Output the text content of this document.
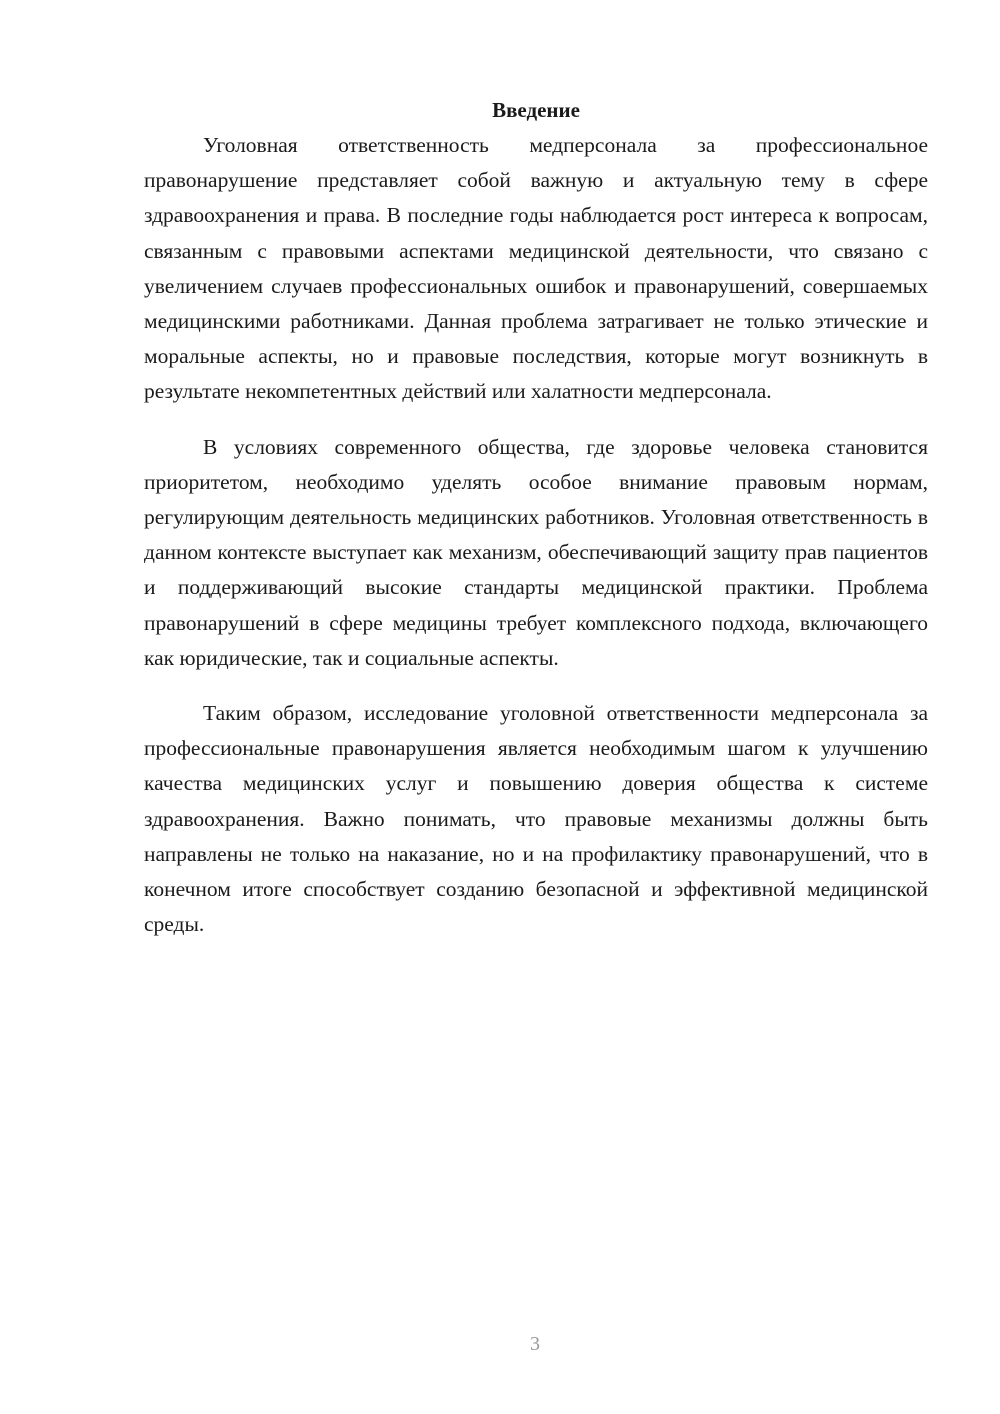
Введение

Уголовная ответственность медперсонала за профессиональное правонарушение представляет собой важную и актуальную тему в сфере здравоохранения и права. В последние годы наблюдается рост интереса к вопросам, связанным с правовыми аспектами медицинской деятельности, что связано с увеличением случаев профессиональных ошибок и правонарушений, совершаемых медицинскими работниками. Данная проблема затрагивает не только этические и моральные аспекты, но и правовые последствия, которые могут возникнуть в результате некомпетентных действий или халатности медперсонала.

В условиях современного общества, где здоровье человека становится приоритетом, необходимо уделять особое внимание правовым нормам, регулирующим деятельность медицинских работников. Уголовная ответственность в данном контексте выступает как механизм, обеспечивающий защиту прав пациентов и поддерживающий высокие стандарты медицинской практики. Проблема правонарушений в сфере медицины требует комплексного подхода, включающего как юридические, так и социальные аспекты.

Таким образом, исследование уголовной ответственности медперсонала за профессиональные правонарушения является необходимым шагом к улучшению качества медицинских услуг и повышению доверия общества к системе здравоохранения. Важно понимать, что правовые механизмы должны быть направлены не только на наказание, но и на профилактику правонарушений, что в конечном итоге способствует созданию безопасной и эффективной медицинской среды.

3
